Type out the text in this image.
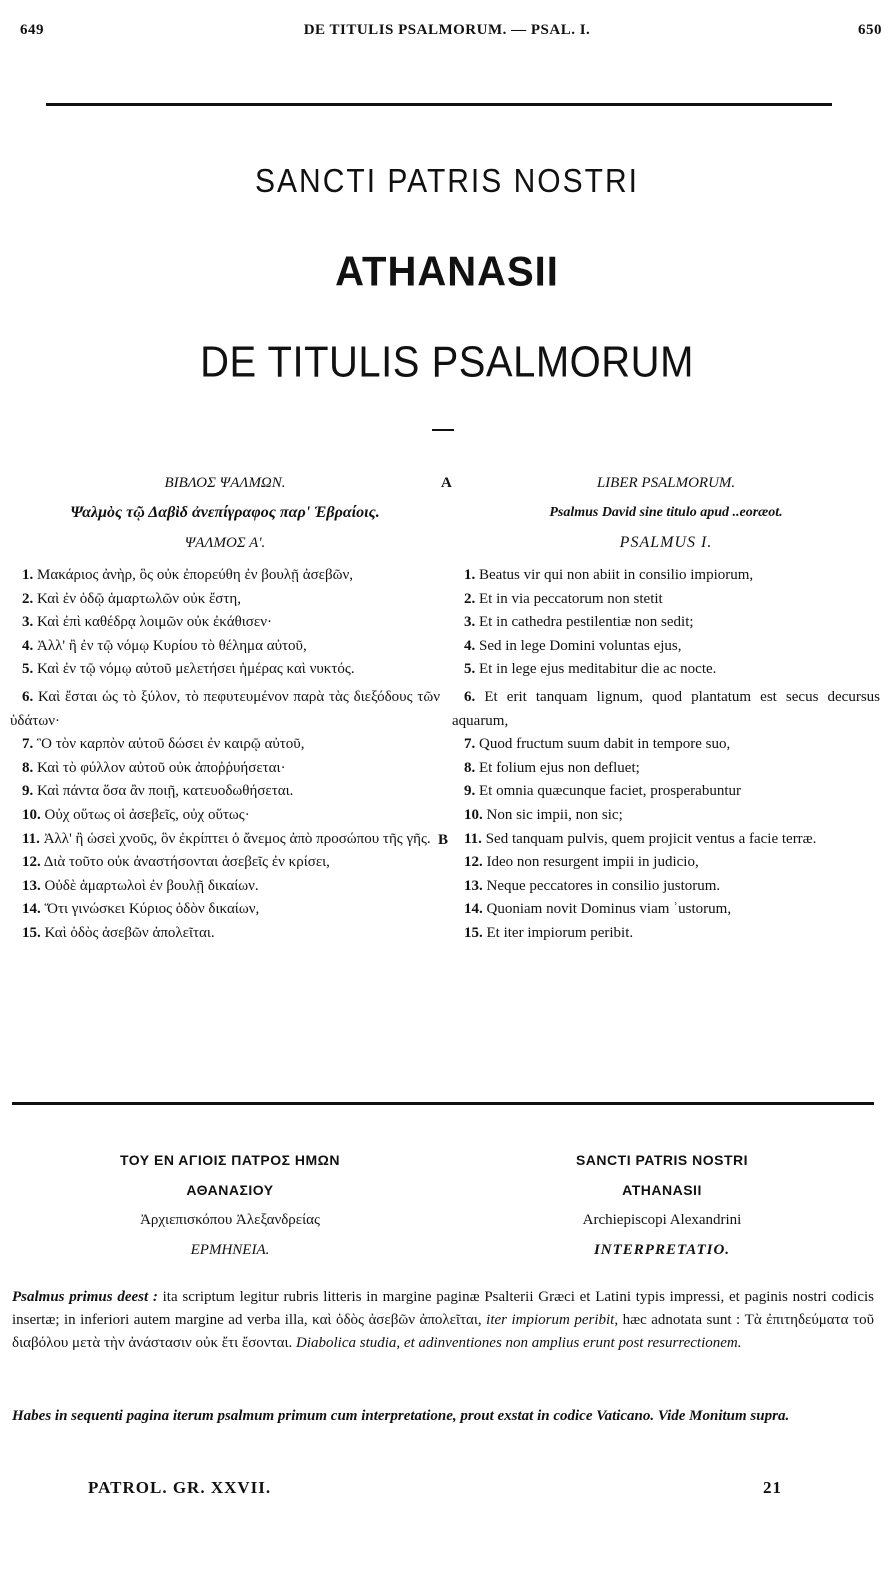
649	DE TITULIS PSALMORUM. — PSAL. I.	650
SANCTI PATRIS NOSTRI
ATHANASII
DE TITULIS PSALMORUM
A
B
ΒΙΒΛΟΣ ΨΑΛΜΩΝ.
Ψαλμὸς τῷ Δαβὶδ ἀνεπίγραφος παρ' Ἑβραίοις.
ΨΑΛΜΟΣ Α'.
1. Μακάριος ἀνὴρ, ὃς οὐκ ἐπορεύθη ἐν βουλῇ ἀσεβῶν,
2. Καὶ ἐν ὁδῷ ἁμαρτωλῶν οὐκ ἔστη,
3. Καὶ ἐπὶ καθέδρᾳ λοιμῶν οὐκ ἐκάθισεν·
4. Ἀλλ' ἢ ἐν τῷ νόμῳ Κυρίου τὸ θέλημα αὐτοῦ,
5. Καὶ ἐν τῷ νόμῳ αὐτοῦ μελετήσει ἡμέρας καὶ νυκτός.
6. Καὶ ἔσται ὡς τὸ ξύλον, τὸ πεφυτευμένον παρὰ τὰς διεξόδους τῶν ὑδάτων·
7. Ὃ τὸν καρπὸν αὐτοῦ δώσει ἐν καιρῷ αὐτοῦ,
8. Καὶ τὸ φύλλον αὐτοῦ οὐκ ἀποῤῥυήσεται·
9. Καὶ πάντα ὅσα ἂν ποιῇ, κατευοδωθήσεται.
10. Οὐχ οὕτως οἱ ἀσεβεῖς, οὐχ οὕτως·
11. Ἀλλ' ἢ ὡσεὶ χνοῦς, ὃν ἐκρίπτει ὁ ἄνεμος ἀπὸ προσώπου τῆς γῆς.
12. Διὰ τοῦτο οὐκ ἀναστήσονται ἀσεβεῖς ἐν κρίσει,
13. Οὐδὲ ἁμαρτωλοὶ ἐν βουλῇ δικαίων.
14. Ὅτι γινώσκει Κύριος ὁδὸν δικαίων,
15. Καὶ ὁδὸς ἀσεβῶν ἀπολεῖται.
LIBER PSALMORUM.
Psalmus David sine titulo apud ..eoræot.
PSALMUS I.
1. Beatus vir qui non abiit in consilio impiorum,
2. Et in via peccatorum non stetit
3. Et in cathedra pestilentiæ non sedit;
4. Sed in lege Domini voluntas ejus,
5. Et in lege ejus meditabitur die ac nocte.
6. Et erit tanquam lignum, quod plantatum est secus decursus aquarum,
7. Quod fructum suum dabit in tempore suo,
8. Et folium ejus non defluet;
9. Et omnia quæcunque faciet, prosperabuntur
10. Non sic impii, non sic;
11. Sed tanquam pulvis, quem projicit ventus a facie terræ.
12. Ideo non resurgent impii in judicio,
13. Neque peccatores in consilio justorum.
14. Quoniam novit Dominus viam ʾustorum,
15. Et iter impiorum peribit.
ΤΟΥ ΕΝ ΑΓΙΟΙΣ ΠΑΤΡΟΣ ΗΜΩΝ
ΑΘΑΝΑΣΙΟΥ
Ἀρχιεπισκόπου Ἀλεξανδρείας
ΕΡΜΗΝΕΙΑ.
SANCTI PATRIS NOSTRI
ATHANASII
Archiepiscopi Alexandrini
INTERPRETATIO.
Psalmus primus deest : ita scriptum legitur rubris litteris in margine paginæ Psalterii Græci et Latini typis impressi, et paginis nostri codicis insertæ; in inferiori autem margine ad verba illa, καὶ ὁδὸς ἀσεβῶν ἀπολεῖται, iter impiorum peribit, hæc adnotata sunt : Τὰ ἐπιτηδεύματα τοῦ διαβόλου μετὰ τὴν ἀνάστασιν οὐκ ἔτι ἔσονται. Diabolica studia, et adinventiones non amplius erunt post resurrectionem.
Habes in sequenti pagina iterum psalmum primum cum interpretatione, prout exstat in codice Vaticano. Vide Monitum supra.
PATROL. GR. XXVII.	21
